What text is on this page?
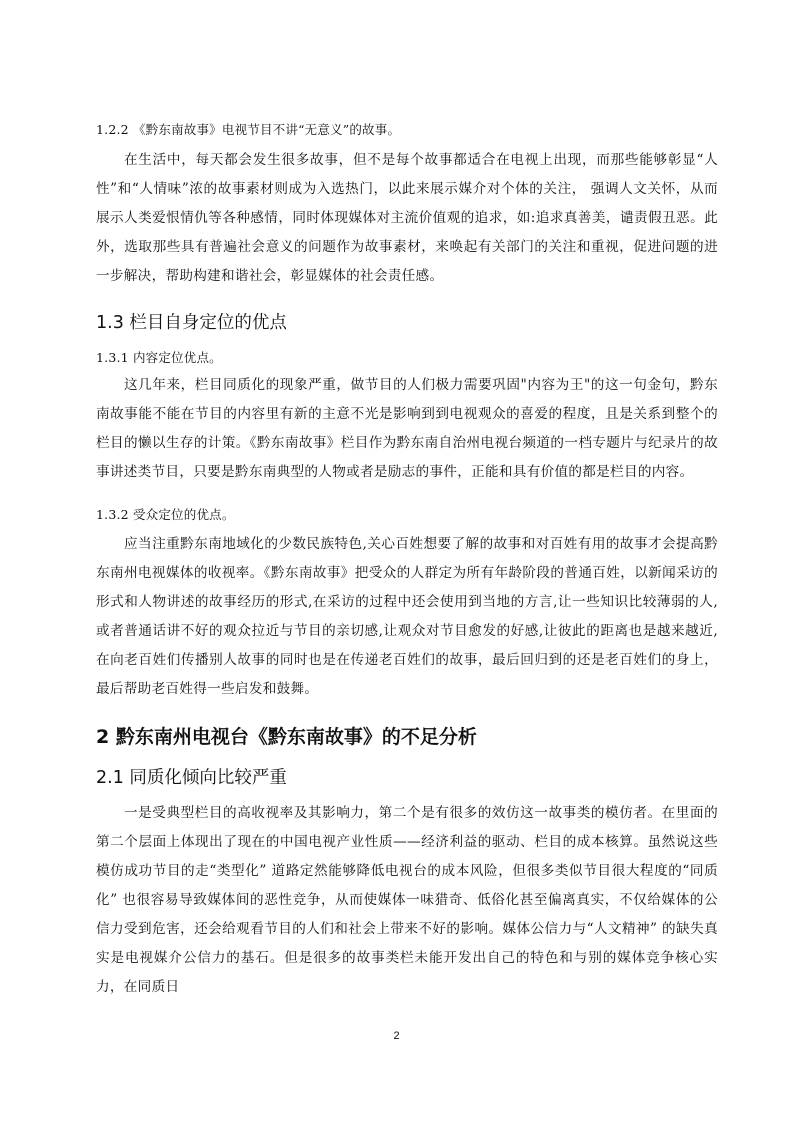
1.2.2 《黔东南故事》电视节目不讲“无意义”的故事。

在生活中，每天都会发生很多故事，但不是每个故事都适合在电视上出现，而那些能够彰显“人性”和“人情味”浓的故事素材则成为入选热门，以此来展示媒介对个体的关注， 强调人文关怀，从而展示人类爱恨情仇等各种感情，同时体现媒体对主流价值观的追求，如:追求真善美，谴责假丑恶。此外，选取那些具有普遍社会意义的问题作为故事素材，来唤起有关部门的关注和重视，促进问题的进一步解决，帮助构建和谐社会，彰显媒体的社会责任感。

1.3 栏目自身定位的优点

1.3.1 内容定位优点。

这几年来，栏目同质化的现象严重，做节目的人们极力需要巩固"内容为王"的这一句金句，黔东南故事能不能在节目的内容里有新的主意不光是影响到到电视观众的喜爱的程度，且是关系到整个的栏目的懒以生存的计策。《黔东南故事》栏目作为黔东南自治州电视台频道的一档专题片与纪录片的故事讲述类节目，只要是黔东南典型的人物或者是励志的事件，正能和具有价值的都是栏目的内容。

1.3.2 受众定位的优点。

应当注重黔东南地域化的少数民族特色,关心百姓想要了解的故事和对百姓有用的故事才会提高黔东南州电视媒体的收视率。《黔东南故事》把受众的人群定为所有年龄阶段的普通百姓，以新闻采访的形式和人物讲述的故事经历的形式,在采访的过程中还会使用到当地的方言,让一些知识比较薄弱的人,或者普通话讲不好的观众拉近与节目的亲切感,让观众对节目愈发的好感,让彼此的距离也是越来越近,在向老百姓们传播别人故事的同时也是在传递老百姓们的故事，最后回归到的还是老百姓们的身上，最后帮助老百姓得一些启发和鼓舞。

2 黔东南州电视台《黔东南故事》的不足分析
2.1 同质化倾向比较严重

一是受典型栏目的高收视率及其影响力，第二个是有很多的效仿这一故事类的模仿者。在里面的第二个层面上体现出了现在的中国电视产业性质——经济利益的驱动、栏目的成本核算。虽然说这些模仿成功节目的走“类型化” 道路定然能够降低电视台的成本风险，但很多类似节目很大程度的“同质化” 也很容易导致媒体间的恶性竞争，从而使媒体一味猎奇、低俗化甚至偏离真实，不仅给媒体的公信力受到危害，还会给观看节目的人们和社会上带来不好的影响。媒体公信力与“人文精神” 的缺失真实是电视媒介公信力的基石。但是很多的故事类栏未能开发出自己的特色和与别的媒体竞争核心实力，在同质日

2
